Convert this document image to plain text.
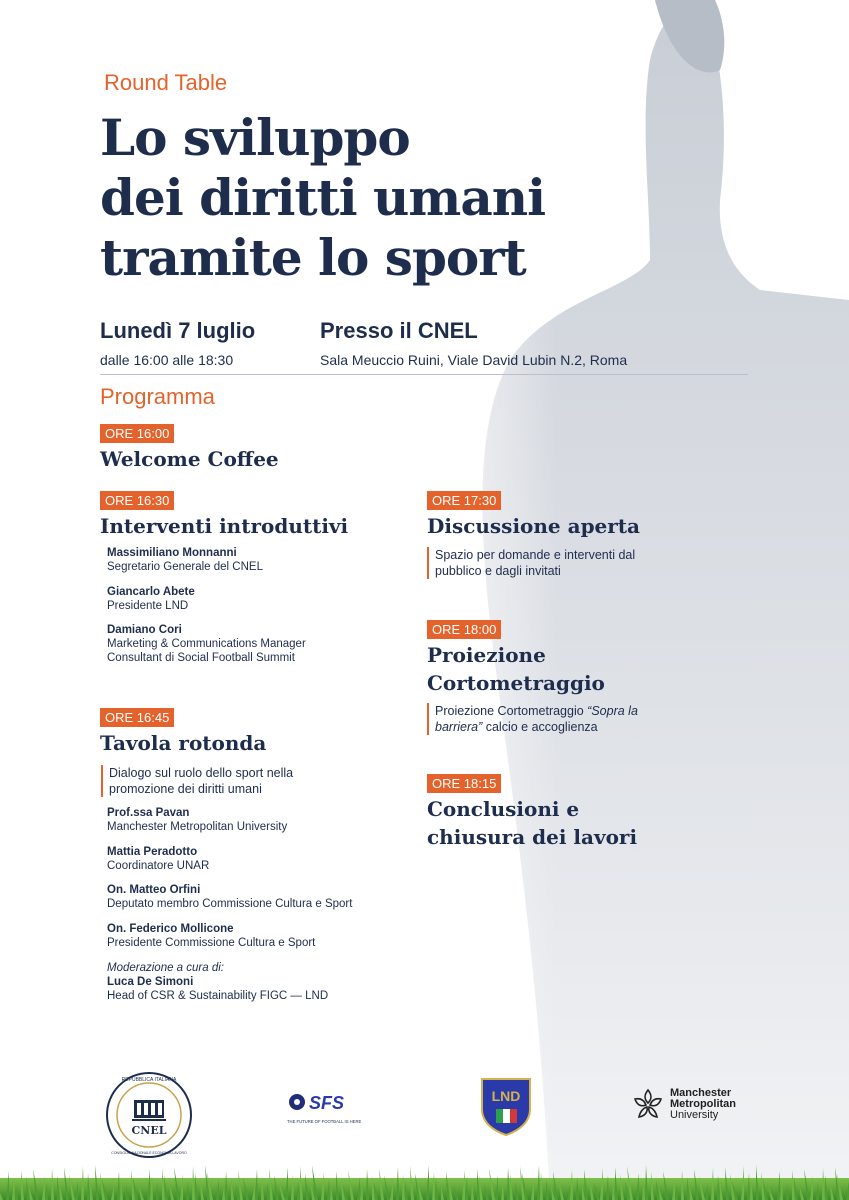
Round Table
Lo sviluppo
dei diritti umani
tramite lo sport
Lunedì 7 luglio
dalle 16:00 alle 18:30
Presso il CNEL
Sala Meuccio Ruini, Viale David Lubin N.2, Roma
Programma
ORE 16:00
Welcome Coffee
ORE 16:30
Interventi introduttivi
Massimiliano Monnanni
Segretario Generale del CNEL
Giancarlo Abete
Presidente LND
Damiano Cori
Marketing & Communications Manager
Consultant di Social Football Summit
ORE 16:45
Tavola rotonda
Dialogo sul ruolo dello sport nella
promozione dei diritti umani
Prof.ssa Pavan
Manchester Metropolitan University
Mattia Peradotto
Coordinatore UNAR
On. Matteo Orfini
Deputato membro Commissione Cultura e Sport
On. Federico Mollicone
Presidente Commissione Cultura e Sport
Moderazione a cura di:
Luca De Simoni
Head of CSR & Sustainability FIGC — LND
ORE 17:30
Discussione aperta
Spazio per domande e interventi dal
pubblico e dagli invitati
ORE 18:00
Proiezione
Cortometraggio
Proiezione Cortometraggio “Sopra la
barriera” calcio e accoglienza
ORE 18:15
Conclusioni e
chiusura dei lavori
CNEL
REPUBBLICA ITALIANA
CONSIGLIO NAZIONALE ECONOMIA LAVORO
SFS
THE FUTURE OF FOOTBALL IS HERE
LND	Manchester
Metropolitan
University
